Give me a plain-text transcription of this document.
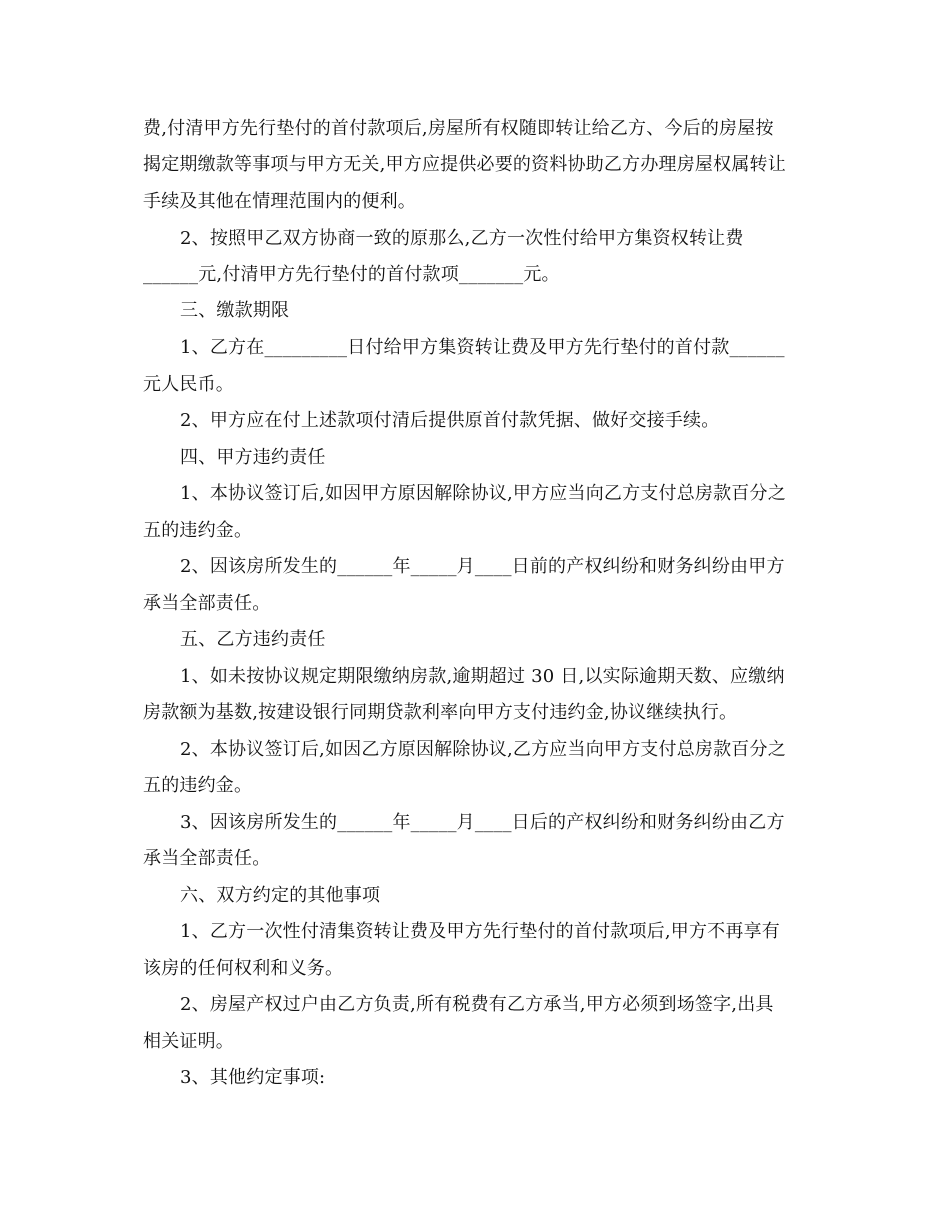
费,付清甲方先行垫付的首付款项后,房屋所有权随即转让给乙方、今后的房屋按
揭定期缴款等事项与甲方无关,甲方应提供必要的资料协助乙方办理房屋权属转让
手续及其他在情理范围内的便利。
2、按照甲乙双方协商一致的原那么,乙方一次性付给甲方集资权转让费
______元,付清甲方先行垫付的首付款项_______元。
三、缴款期限
1、乙方在_________日付给甲方集资转让费及甲方先行垫付的首付款______
元人民币。
2、甲方应在付上述款项付清后提供原首付款凭据、做好交接手续。
四、甲方违约责任
1、本协议签订后,如因甲方原因解除协议,甲方应当向乙方支付总房款百分之
五的违约金。
2、因该房所发生的______年_____月____日前的产权纠纷和财务纠纷由甲方
承当全部责任。
五、乙方违约责任
1、如未按协议规定期限缴纳房款,逾期超过 30 日,以实际逾期天数、应缴纳
房款额为基数,按建设银行同期贷款利率向甲方支付违约金,协议继续执行。
2、本协议签订后,如因乙方原因解除协议,乙方应当向甲方支付总房款百分之
五的违约金。
3、因该房所发生的______年_____月____日后的产权纠纷和财务纠纷由乙方
承当全部责任。
六、双方约定的其他事项
1、乙方一次性付清集资转让费及甲方先行垫付的首付款项后,甲方不再享有
该房的任何权利和义务。
2、房屋产权过户由乙方负责,所有税费有乙方承当,甲方必须到场签字,出具
相关证明。
3、其他约定事项:
